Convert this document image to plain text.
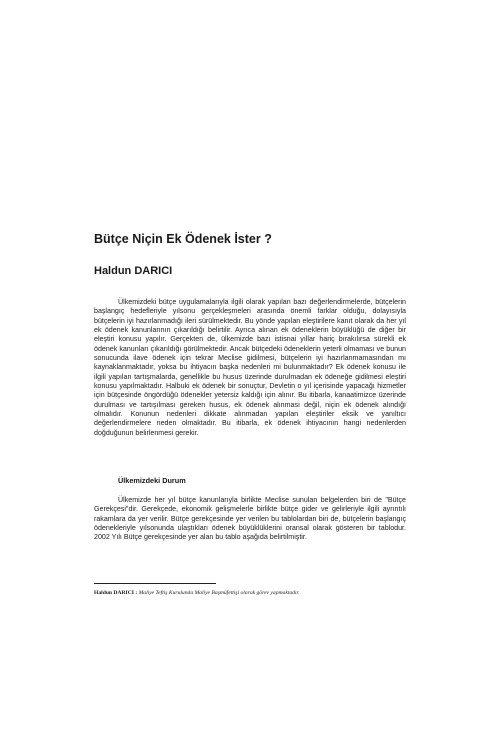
Bütçe Niçin Ek Ödenek İster ?
Haldun DARICI

Ülkemizdeki bütçe uygulamalarıyla ilgili olarak yapılan bazı değerlendirmelerde, bütçelerin başlangıç hedefleriyle yılsonu gerçekleşmeleri arasında önemli farklar olduğu, dolayısıyla bütçelerin iyi hazırlanmadığı ileri sürülmektedir. Bu yönde yapılan eleştirilere kanıt olarak da her yıl ek ödenek kanunlarının çıkarıldığı belirtilir. Ayrıca alınan ek ödeneklerin büyüklüğü de diğer bir eleştiri konusu yapılır. Gerçekten de, ülkemizde bazı istisnai yıllar hariç bırakılırsa sürekli ek ödenek kanunları çıkarıldığı görülmektedir. Ancak bütçedeki ödeneklerin yeterli olmaması ve bunun sonucunda ilave ödenek için tekrar Meclise gidilmesi, bütçelerin iyi hazırlanmamasından mı kaynaklanmaktadır, yoksa bu ihtiyacın başka nedenleri mi bulunmaktadır? Ek ödenek konusu ile ilgili yapılan tartışmalarda, genellikle bu husus üzerinde durulmadan ek ödeneğe gidilmesi eleştiri konusu yapılmaktadır. Halbuki ek ödenek bir sonuçtur, Devletin o yıl içerisinde yapacağı hizmetler için bütçesinde öngördüğü ödenekler yetersiz kaldığı için alınır. Bu itibarla, kanaatimizce üzerinde durulması ve tartışılması gereken husus, ek ödenek alınması değil, niçin ek ödenek alındığı olmalıdır. Konunun nedenleri dikkate alınmadan yapılan eleştiriler eksik ve yanıltıcı değerlendirmelere neden olmaktadır. Bu itibarla, ek ödenek ihtiyacının hangi nedenlerden doğduğunun belirlenmesi gerekir.

Ülkemizdeki Durum

Ülkemizde her yıl bütçe kanunlarıyla birlikte Meclise sunulan belgelerden biri de "Bütçe Gerekçesi"dir. Gerekçede, ekonomik gelişmelerle birlikte bütçe gider ve gelirleriyle ilgili ayrıntılı rakamlara da yer verilir. Bütçe gerekçesinde yer verilen bu tablolardan biri de, bütçelerin başlangıç ödenekleriyle yılsonunda ulaştıkları ödenek büyüklüklerini oransal olarak gösteren bir tablodur. 2002 Yılı Bütçe gerekçesinde yer alan bu tablo aşağıda belirtilmiştir.

Haldun DARICI : Maliye Teftiş Kurulunda Maliye Başmüfettişi olarak görev yapmaktadır.
